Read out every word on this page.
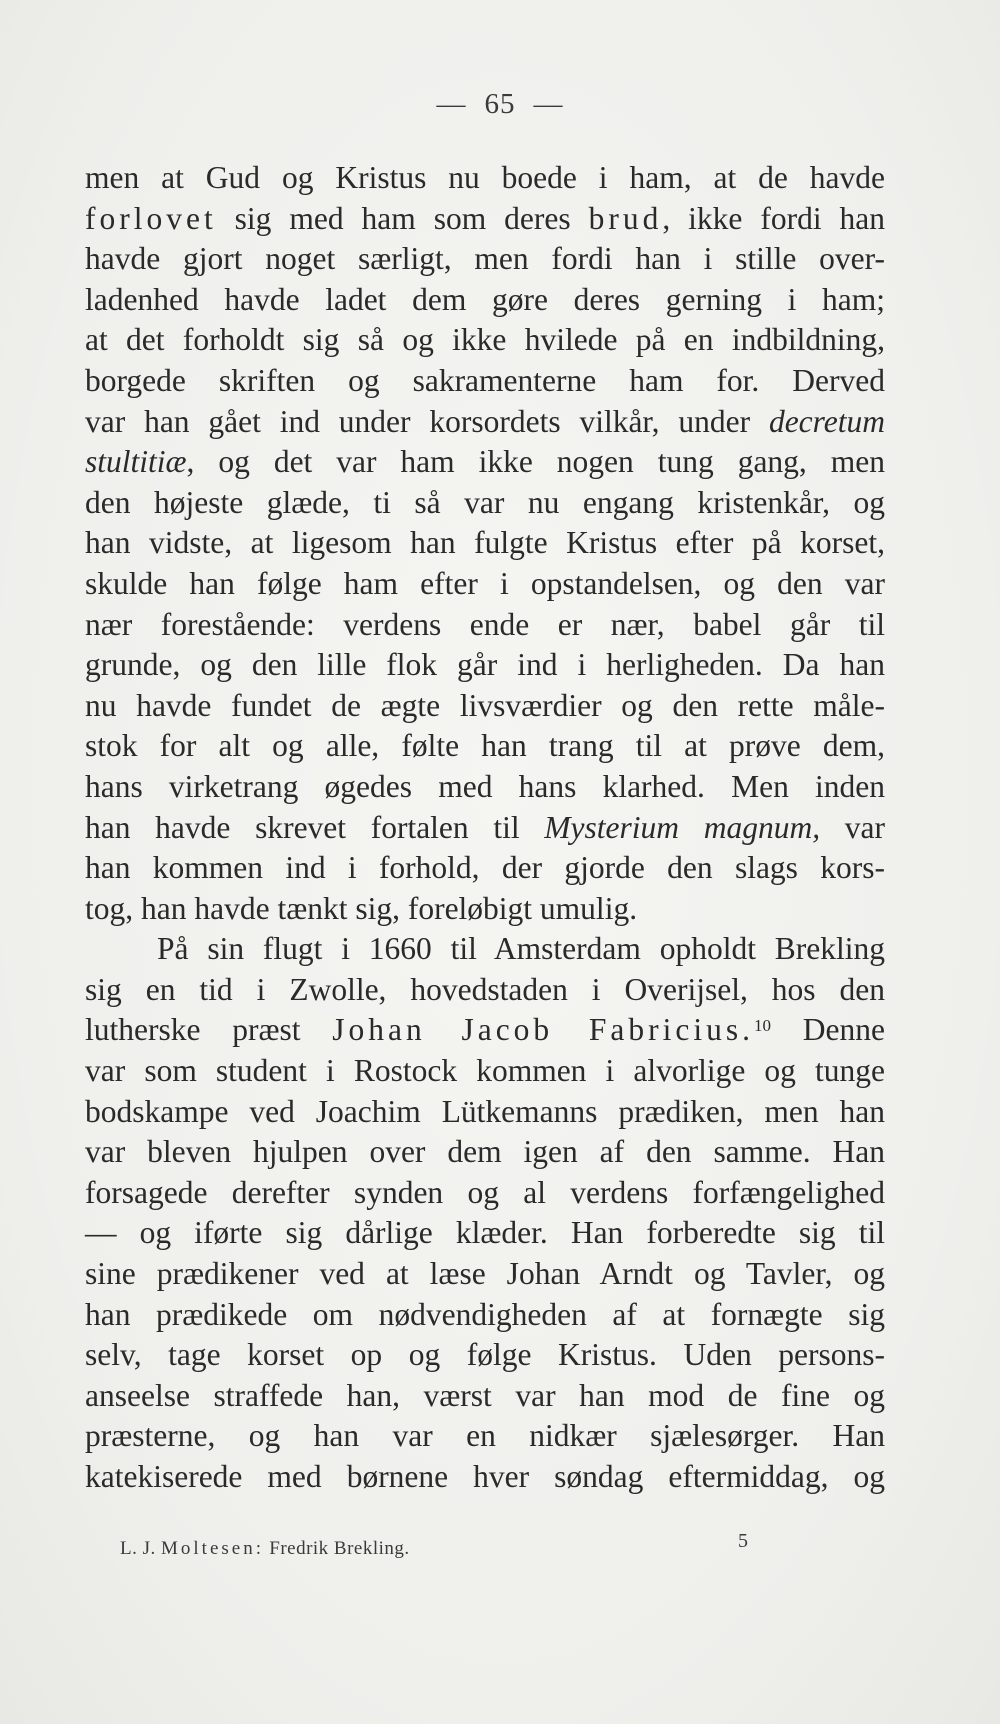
— 65 —
men at Gud og Kristus nu boede i ham, at de havde
forlovet sig med ham som deres brud, ikke fordi han
havde gjort noget særligt, men fordi han i stille over-
ladenhed havde ladet dem gøre deres gerning i ham;
at det forholdt sig så og ikke hvilede på en indbildning,
borgede skriften og sakramenterne ham for. Derved
var han gået ind under korsordets vilkår, under decretum
stultitiæ, og det var ham ikke nogen tung gang, men
den højeste glæde, ti så var nu engang kristenkår, og
han vidste, at ligesom han fulgte Kristus efter på korset,
skulde han følge ham efter i opstandelsen, og den var
nær forestående: verdens ende er nær, babel går til
grunde, og den lille flok går ind i herligheden. Da han
nu havde fundet de ægte livsværdier og den rette måle-
stok for alt og alle, følte han trang til at prøve dem,
hans virketrang øgedes med hans klarhed. Men inden
han havde skrevet fortalen til Mysterium magnum, var
han kommen ind i forhold, der gjorde den slags kors-
tog, han havde tænkt sig, foreløbigt umulig.
På sin flugt i 1660 til Amsterdam opholdt Brekling
sig en tid i Zwolle, hovedstaden i Overijsel, hos den
lutherske præst Johan Jacob Fabricius.$^{10}$ Denne
var som student i Rostock kommen i alvorlige og tunge
bodskampe ved Joachim Lütkemanns prædiken, men han
var bleven hjulpen over dem igen af den samme. Han
forsagede derefter synden og al verdens forfængelighed
— og iførte sig dårlige klæder. Han forberedte sig til
sine prædikener ved at læse Johan Arndt og Tavler, og
han prædikede om nødvendigheden af at fornægte sig
selv, tage korset op og følge Kristus. Uden persons-
anseelse straffede han, værst var han mod de fine og
præsterne, og han var en nidkær sjælesørger. Han
katekiserede med børnene hver søndag eftermiddag, og
L. J. Moltesen: Fredrik Brekling.	5
